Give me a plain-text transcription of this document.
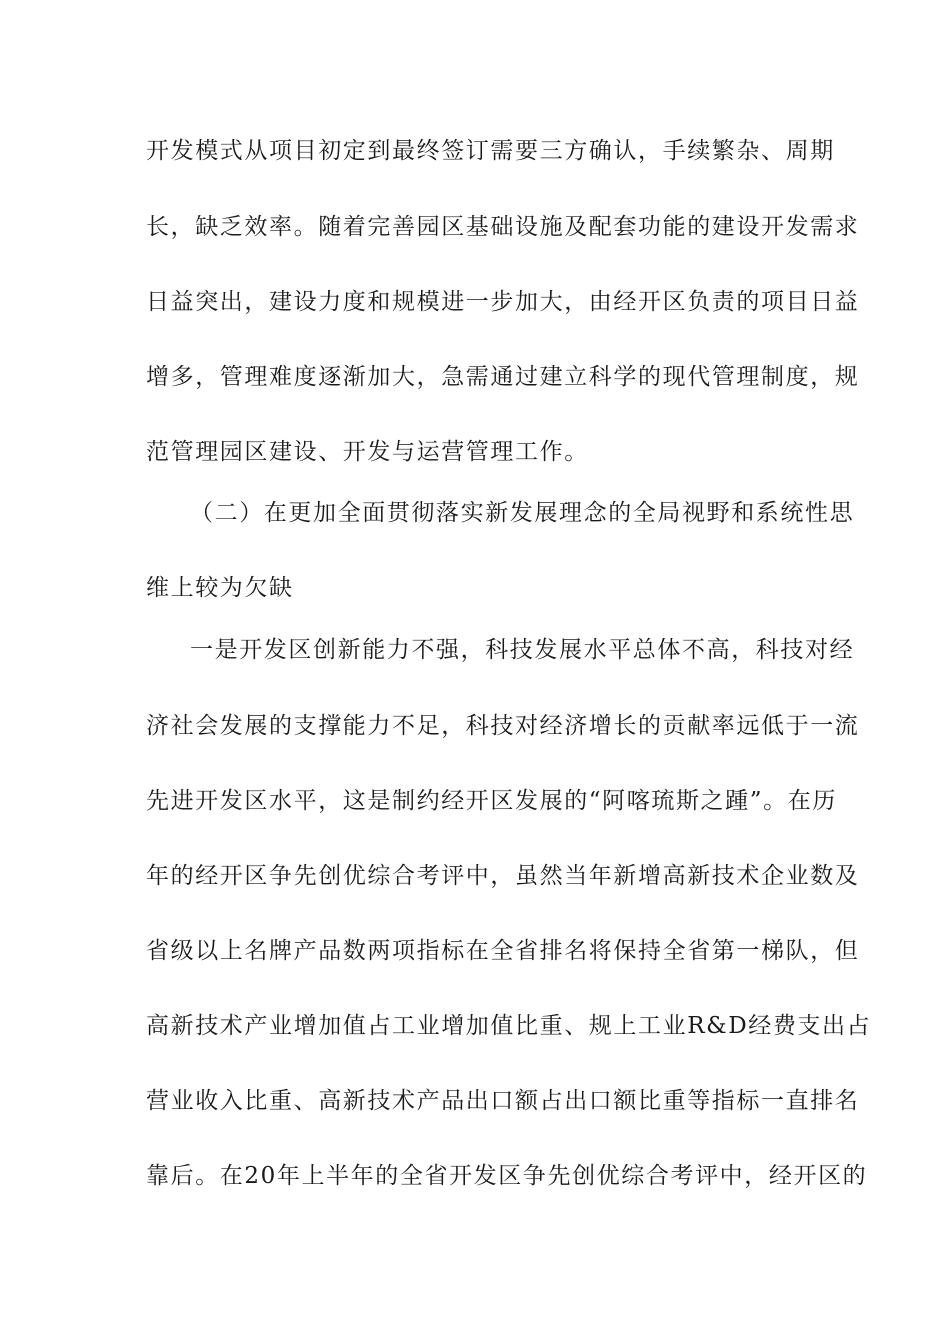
开发模式从项目初定到最终签订需要三方确认，手续繁杂、周期
长，缺乏效率。随着完善园区基础设施及配套功能的建设开发需求
日益突出，建设力度和规模进一步加大，由经开区负责的项目日益
增多，管理难度逐渐加大，急需通过建立科学的现代管理制度，规
范管理园区建设、开发与运营管理工作。
（二）在更加全面贯彻落实新发展理念的全局视野和系统性思
维上较为欠缺
一是开发区创新能力不强，科技发展水平总体不高，科技对经
济社会发展的支撑能力不足，科技对经济增长的贡献率远低于一流
先进开发区水平，这是制约经开区发展的“阿喀琉斯之踵”。在历
年的经开区争先创优综合考评中，虽然当年新增高新技术企业数及
省级以上名牌产品数两项指标在全省排名将保持全省第一梯队，但
高新技术产业增加值占工业增加值比重、规上工业R&D经费支出占
营业收入比重、高新技术产品出口额占出口额比重等指标一直排名
靠后。在20年上半年的全省开发区争先创优综合考评中，经开区的
